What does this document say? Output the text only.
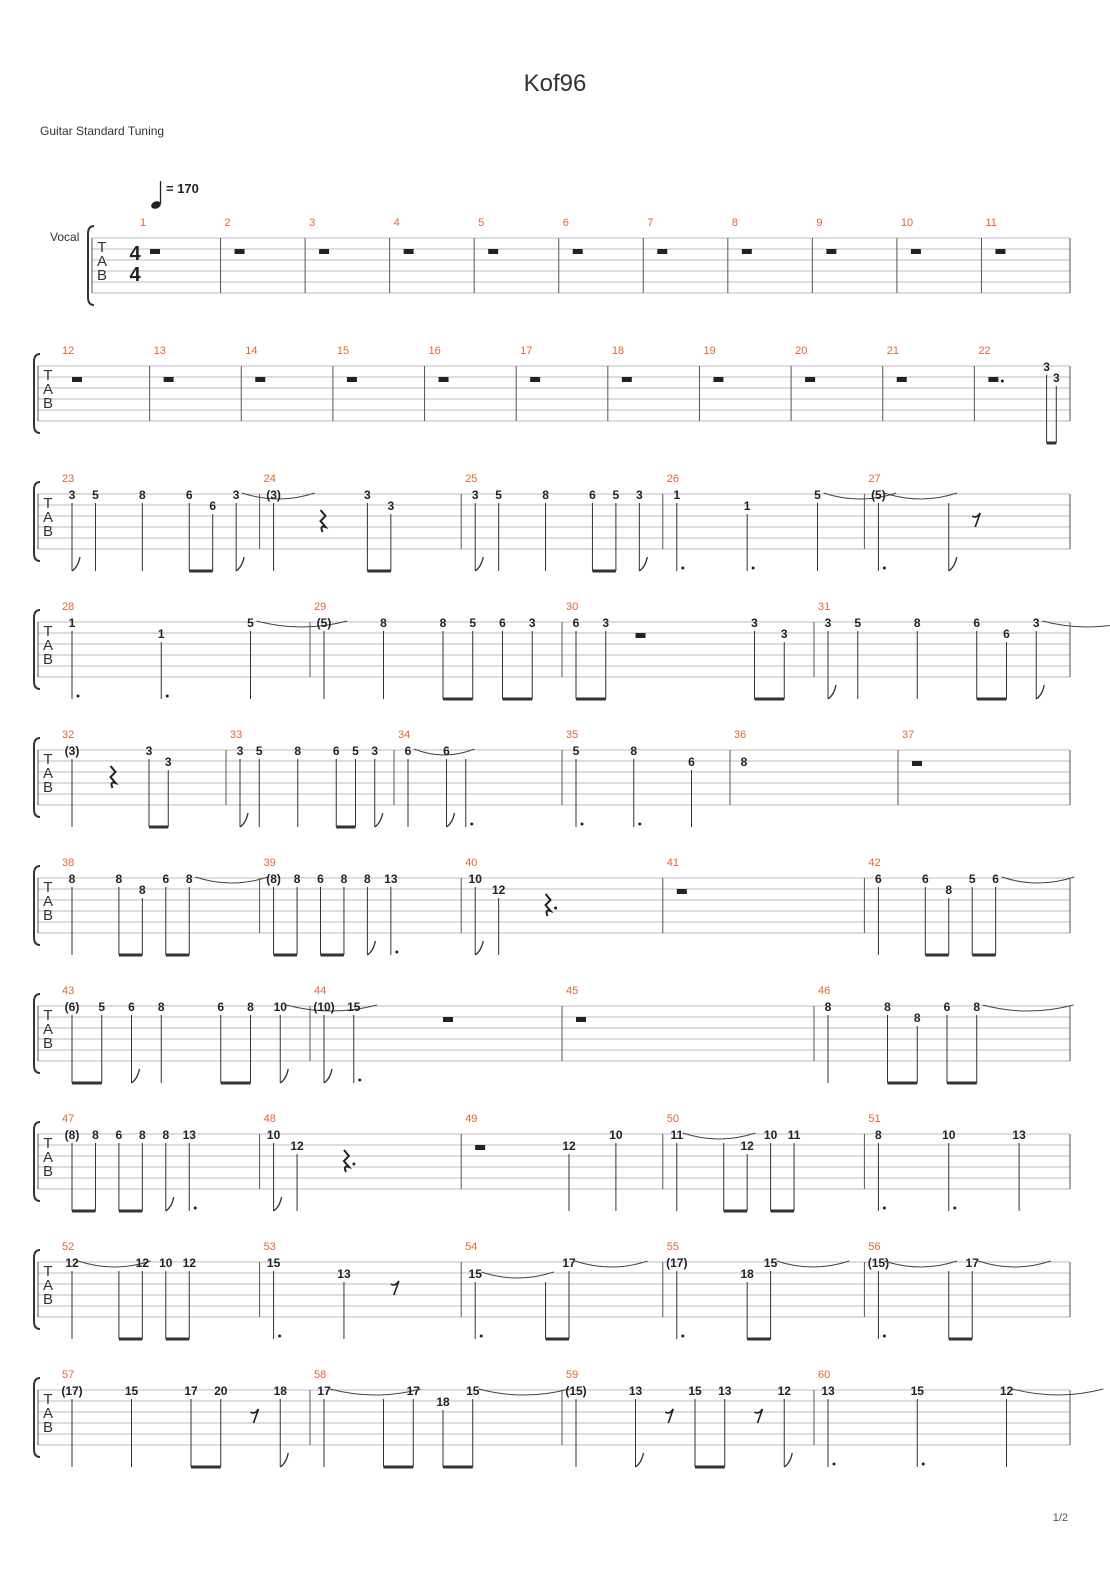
Kof96
Guitar Standard Tuning
= 170
T
A
B
Vocal
4
4
1	2	3	4	5	6	7	8	9	10	11
T
A
B
12	13	14	15	16	17	18	19	20	21	22
3
3
T
A
B
23
3 5	8	6
6
3
24
(3)	3
3
25
3 5	8	6 5 3
26
1
1
5
27
(5)
T
A
B
28
1
1
5
29
(5)	8	8 5 6 3
30
6 3	3
3
31
3 5	8	6
6
3
T
A
B
32
(3)	3
3
33
3 5	8	6 5 3
34
6	6
35
5	8
6
36
8
37
T
A
B
38
8	8
8
6 8
39
(8) 8 6 8 8 13
40
10
12
41	42
6	6
8
5 6
T
A
B
43
(6) 5 6 8	6 8 10
44
(10) 15
45	46
8	8
8
6 8
T
A
B
47
(8) 8 6 8 8 13
48
10
12
49
12
10
50
11
12
10 11
51
8	10	13
T
A
B
52
12	12 10 12
53
15
13
54
15
17
55
(17)
18
15
56
(15)	17
T
A
B
57
(17)	15	17 20	18
58
17	17
18
15
59
(15)	13	15 13	12
60
13	15	12
1/2
